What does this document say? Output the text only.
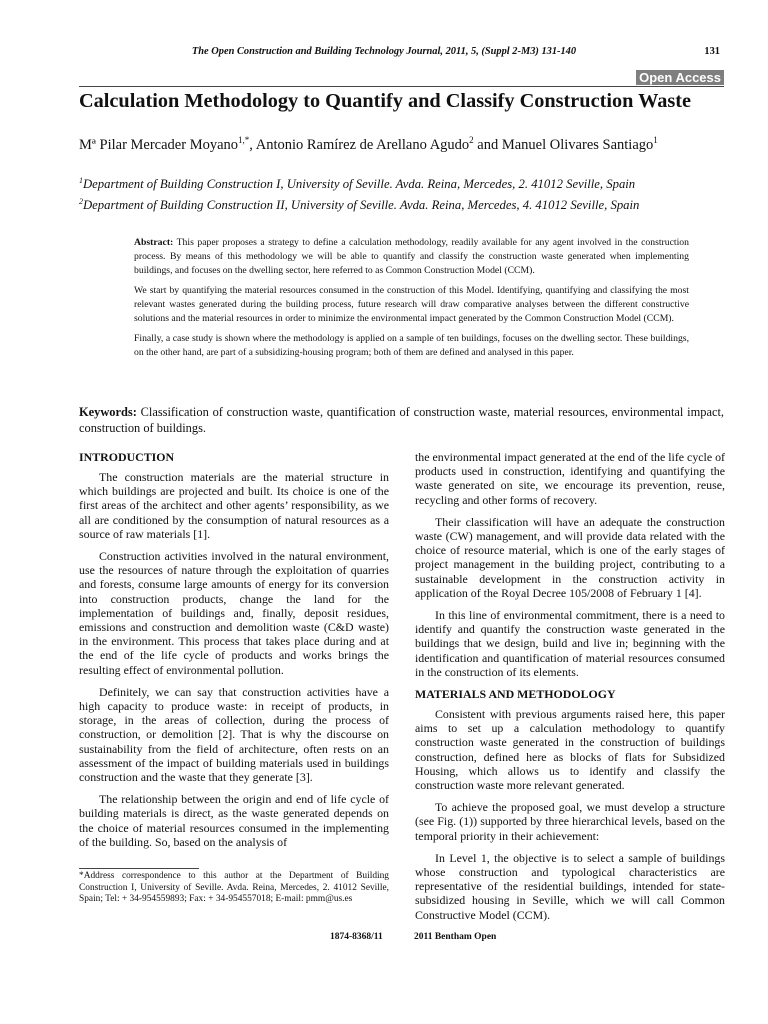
The Open Construction and Building Technology Journal, 2011, 5, (Suppl 2-M3) 131-140	131
Open Access
Calculation Methodology to Quantify and Classify Construction Waste
Mª Pilar Mercader Moyano$^{1,*}$, Antonio Ramírez de Arellano Agudo$^2$ and Manuel Olivares Santiago$^1$
$^1$Department of Building Construction I, University of Seville. Avda. Reina, Mercedes, 2. 41012 Seville, Spain
$^2$Department of Building Construction II, University of Seville. Avda. Reina, Mercedes, 4. 41012 Seville, Spain

Abstract: This paper proposes a strategy to define a calculation methodology, readily available for any agent involved in the construction process. By means of this methodology we will be able to quantify and classify the construction waste generated when implementing buildings, and focuses on the dwelling sector, here referred to as Common Construction Model (CCM).

We start by quantifying the material resources consumed in the construction of this Model. Identifying, quantifying and classifying the most relevant wastes generated during the building process, future research will draw comparative analyses between the different constructive solutions and the material resources in order to minimize the environmental impact generated by the Common Construction Model (CCM).

Finally, a case study is shown where the methodology is applied on a sample of ten buildings, focuses on the dwelling sector. These buildings, on the other hand, are part of a subsidizing-housing program; both of them are defined and analysed in this paper.

Keywords: Classification of construction waste, quantification of construction waste, material resources, environmental impact, construction of buildings.
INTRODUCTION

The construction materials are the material structure in which buildings are projected and built. Its choice is one of the first areas of the architect and other agents’ responsibility, as we all are conditioned by the consumption of natural resources as a source of raw materials [1].

Construction activities involved in the natural environment, use the resources of nature through the exploitation of quarries and forests, consume large amounts of energy for its conversion into construction products, change the land for the implementation of buildings and, finally, deposit residues, emissions and construction and demolition waste (C&D waste) in the environment. This process that takes place during and at the end of the life cycle of products and works brings the resulting effect of environmental pollution.

Definitely, we can say that construction activities have a high capacity to produce waste: in receipt of products, in storage, in the areas of collection, during the process of construction, or demolition [2]. That is why the discourse on sustainability from the field of architecture, often rests on an assessment of the impact of building materials used in buildings construction and the waste that they generate [3].

The relationship between the origin and end of life cycle of building materials is direct, as the waste generated depends on the choice of material resources consumed in the implementing of the building. So, based on the analysis of

*Address correspondence to this author at the Department of Building Construction I, University of Seville. Avda. Reina, Mercedes, 2. 41012 Seville, Spain; Tel: + 34-954559893; Fax: + 34-954557018; E-mail: pmm@us.es

the environmental impact generated at the end of the life cycle of products used in construction, identifying and quantifying the waste generated on site, we encourage its prevention, reuse, recycling and other forms of recovery.

Their classification will have an adequate the construction waste (CW) management, and will provide data related with the choice of resource material, which is one of the early stages of project management in the building project, contributing to a sustainable development in the construction activity in application of the Royal Decree 105/2008 of February 1 [4].

In this line of environmental commitment, there is a need to identify and quantify the construction waste generated in the buildings that we design, build and live in; beginning with the identification and quantification of material resources consumed in the construction of its elements.

MATERIALS AND METHODOLOGY

Consistent with previous arguments raised here, this paper aims to set up a calculation methodology to quantify construction waste generated in the construction of buildings construction, defined here as blocks of flats for Subsidized Housing, which allows us to identify and classify the construction waste more relevant generated.

To achieve the proposed goal, we must develop a structure (see Fig. (1)) supported by three hierarchical levels, based on the temporal priority in their achievement:

In Level 1, the objective is to select a sample of buildings whose construction and typological characteristics are representative of the residential buildings, intended for state-subsidized housing in Seville, which we will call Common Constructive Model (CCM).

1874-8368/11	2011 Bentham Open
